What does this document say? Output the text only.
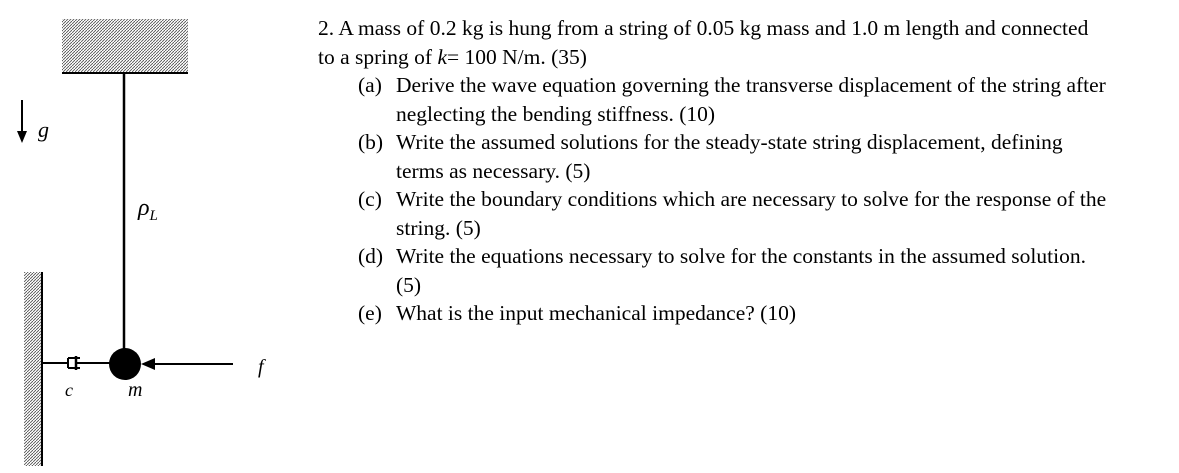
g
$\rho_L$
c	m
f

2. A mass of 0.2 kg is hung from a string of 0.05 kg mass and 1.0 m length and connected to a spring of k= 100 N/m. (35)

(a) Derive the wave equation governing the transverse displacement of the string after neglecting the bending stiffness. (10)
(b) Write the assumed solutions for the steady-state string displacement, defining terms as necessary. (5)
(c) Write the boundary conditions which are necessary to solve for the response of the string. (5)
(d) Write the equations necessary to solve for the constants in the assumed solution. (5)
(e) What is the input mechanical impedance? (10)
